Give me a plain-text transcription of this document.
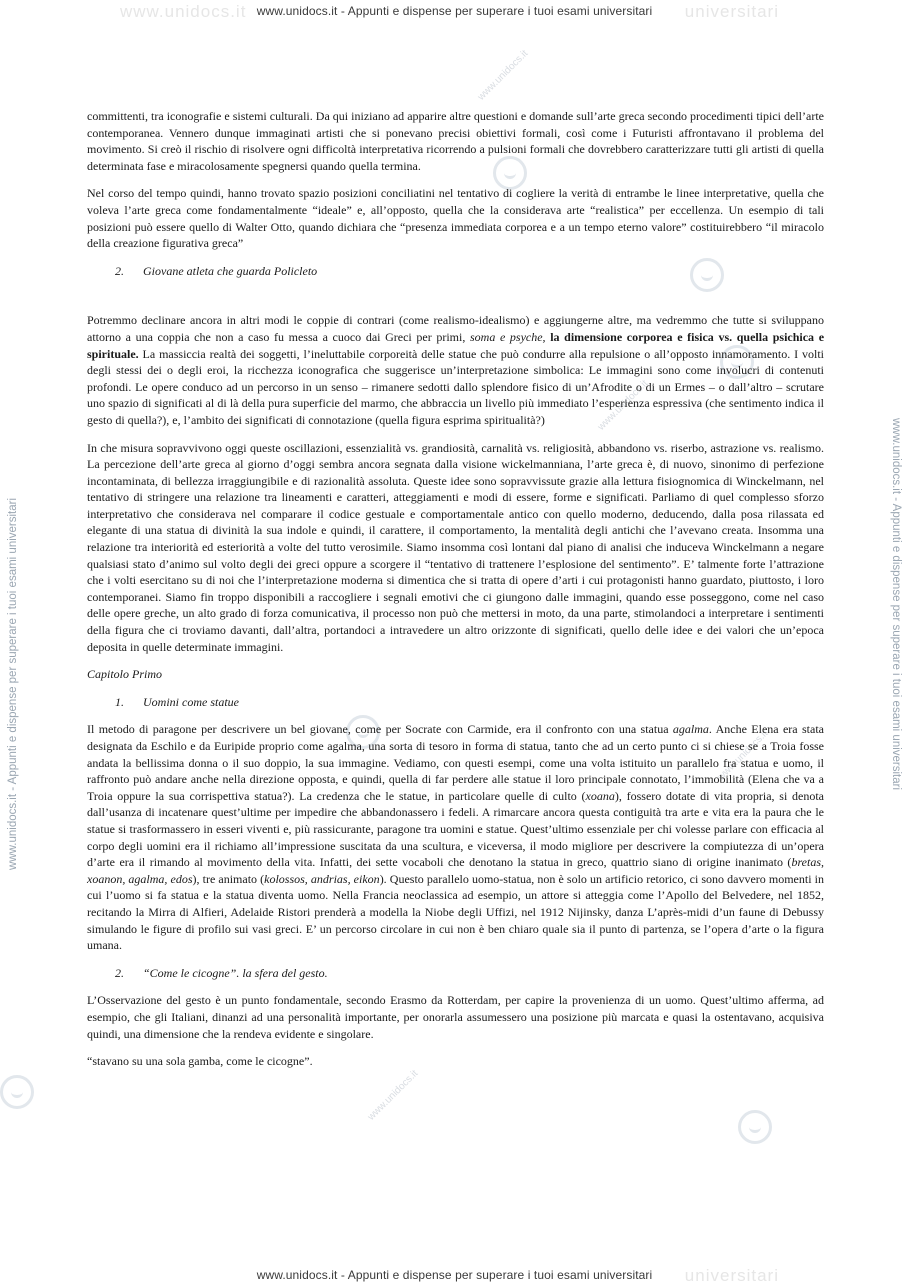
www.unidocs.it www.unidocs.it - Appunti e dispense per superare i tuoi esami universitari universitari
www.unidocs.it - Appunti e dispense per superare i tuoi esami universitari universitari
www.unidocs.it - Appunti e dispense per superare i tuoi esami universitari	www.unidocs.it - Appunti e dispense per superare i tuoi esami universitari
www.unidocs.it
www.unidocs.it
www.unidocs.it
www.unidocs.it

committenti, tra iconografie e sistemi culturali. Da qui iniziano ad apparire altre questioni e domande sull’arte greca secondo procedimenti tipici dell’arte contemporanea. Vennero dunque immaginati artisti che si ponevano precisi obiettivi formali, così come i Futuristi affrontavano il problema del movimento. Si creò il rischio di risolvere ogni difficoltà interpretativa ricorrendo a pulsioni formali che dovrebbero caratterizzare tutti gli artisti di quella determinata fase e miracolosamente spegnersi quando quella termina.

Nel corso del tempo quindi, hanno trovato spazio posizioni conciliatini nel tentativo di cogliere la verità di entrambe le linee interpretative, quella che voleva l’arte greca come fondamentalmente “ideale” e, all’opposto, quella che la considerava arte “realistica” per eccellenza. Un esempio di tali posizioni può essere quello di Walter Otto, quando dichiara che “presenza immediata corporea e a un tempo eterno valore” costituirebbero “il miracolo della creazione figurativa greca”

2. Giovane atleta che guarda Policleto

Potremmo declinare ancora in altri modi le coppie di contrari (come realismo-idealismo) e aggiungerne altre, ma vedremmo che tutte si sviluppano attorno a una coppia che non a caso fu messa a cuoco dai Greci per primi, soma e psyche, la dimensione corporea e fisica vs. quella psichica e spirituale. La massiccia realtà dei soggetti, l’ineluttabile corporeità delle statue che può condurre alla repulsione o all’opposto innamoramento. I volti degli stessi dei o degli eroi, la ricchezza iconografica che suggerisce un’interpretazione simbolica: Le immagini sono come involucri di contenuti profondi. Le opere conduco ad un percorso in un senso – rimanere sedotti dallo splendore fisico di un’Afrodite o di un Ermes – o dall’altro – scrutare uno spazio di significati al di là della pura superficie del marmo, che abbraccia un livello più immediato l’esperienza espressiva (che sentimento indica il gesto di quella?), e, l’ambito dei significati di connotazione (quella figura esprima spiritualità?)

In che misura sopravvivono oggi queste oscillazioni, essenzialità vs. grandiosità, carnalità vs. religiosità, abbandono vs. riserbo, astrazione vs. realismo. La percezione dell’arte greca al giorno d’oggi sembra ancora segnata dalla visione wickelmanniana, l’arte greca è, di nuovo, sinonimo di perfezione incontaminata, di bellezza irraggiungibile e di razionalità assoluta. Queste idee sono sopravvissute grazie alla lettura fisiognomica di Winckelmann, nel tentativo di stringere una relazione tra lineamenti e caratteri, atteggiamenti e modi di essere, forme e significati. Parliamo di quel complesso sforzo interpretativo che considerava nel comparare il codice gestuale e comportamentale antico con quello moderno, deducendo, dalla posa rilassata ed elegante di una statua di divinità la sua indole e quindi, il carattere, il comportamento, la mentalità degli antichi che l’avevano creata. Insomma una relazione tra interiorità ed esteriorità a volte del tutto verosimile. Siamo insomma così lontani dal piano di analisi che induceva Winckelmann a negare qualsiasi stato d’animo sul volto degli dei greci oppure a scorgere il “tentativo di trattenere l’esplosione del sentimento”. E’ talmente forte l’attrazione che i volti esercitano su di noi che l’interpretazione moderna si dimentica che si tratta di opere d’arti i cui protagonisti hanno guardato, piuttosto, i loro contemporanei. Siamo fin troppo disponibili a raccogliere i segnali emotivi che ci giungono dalle immagini, quando esse posseggono, come nel caso delle opere greche, un alto grado di forza comunicativa, il processo non può che mettersi in moto, da una parte, stimolandoci a interpretare i sentimenti della figura che ci troviamo davanti, dall’altra, portandoci a intravedere un altro orizzonte di significati, quello delle idee e dei valori che un’epoca deposita in quelle determinate immagini.

Capitolo Primo
1. Uomini come statue

Il metodo di paragone per descrivere un bel giovane, come per Socrate con Carmide, era il confronto con una statua agalma. Anche Elena era stata designata da Eschilo e da Euripide proprio come agalma, una sorta di tesoro in forma di statua, tanto che ad un certo punto ci si chiese se a Troia fosse andata la bellissima donna o il suo doppio, la sua immagine. Vediamo, con questi esempi, come una volta istituito un parallelo fra statua e uomo, il raffronto può andare anche nella direzione opposta, e quindi, quella di far perdere alle statue il loro principale connotato, l’immobilità (Elena che va a Troia oppure la sua corrispettiva statua?). La credenza che le statue, in particolare quelle di culto (xoana), fossero dotate di vita propria, si denota dall’usanza di incatenare quest’ultime per impedire che abbandonassero i fedeli. A rimarcare ancora questa contiguità tra arte e vita era la paura che le statue si trasformassero in esseri viventi e, più rassicurante, paragone tra uomini e statue. Quest’ultimo essenziale per chi volesse parlare con efficacia al corpo degli uomini era il richiamo all’impressione suscitata da una scultura, e viceversa, il modo migliore per descrivere la compiutezza di un’opera d’arte era il rimando al movimento della vita. Infatti, dei sette vocaboli che denotano la statua in greco, quattrio siano di origine inanimato (bretas, xoanon, agalma, edos), tre animato (kolossos, andrias, eikon). Questo parallelo uomo-statua, non è solo un artificio retorico, ci sono davvero momenti in cui l’uomo si fa statua e la statua diventa uomo. Nella Francia neoclassica ad esempio, un attore si atteggia come l’Apollo del Belvedere, nel 1852, recitando la Mirra di Alfieri, Adelaide Ristori prenderà a modella la Niobe degli Uffizi, nel 1912 Nijinsky, danza L’après-midi d’un faune di Debussy simulando le figure di profilo sui vasi greci. E’ un percorso circolare in cui non è ben chiaro quale sia il punto di partenza, se l’opera d’arte o la figura umana.

2. “Come le cicogne”. la sfera del gesto.

L’Osservazione del gesto è un punto fondamentale, secondo Erasmo da Rotterdam, per capire la provenienza di un uomo. Quest’ultimo afferma, ad esempio, che gli Italiani, dinanzi ad una personalità importante, per onorarla assumessero una posizione più marcata e quasi la ostentavano, acquisiva quindi, una dimensione che la rendeva evidente e singolare.

“stavano su una sola gamba, come le cicogne”.
